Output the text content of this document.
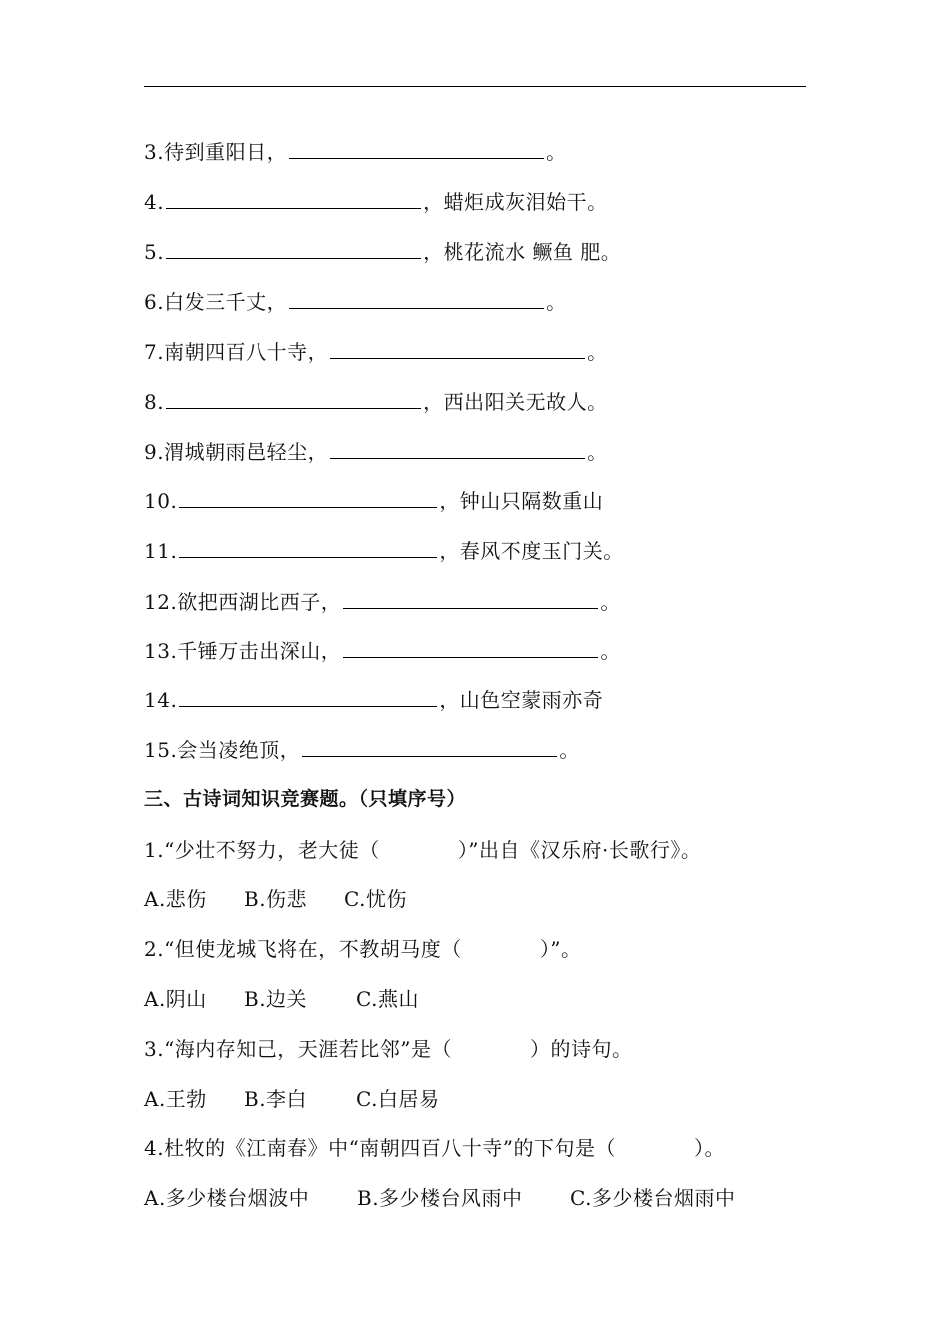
3.待到重阳日，	。
4.	，蜡炬成灰泪始干。
5.	，桃花流水 鳜鱼 肥。
6.白发三千丈，	。
7.南朝四百八十寺，	。
8.	，西出阳关无故人。
9.渭城朝雨邑轻尘，	。
10.	，钟山只隔数重山
11.	，春风不度玉门关。
12.欲把西湖比西子，	。
13.千锤万击出深山，	。
14.	，山色空蒙雨亦奇
15.会当凌绝顶，	。
三、古诗词知识竞赛题。（只填序号）
1.“少壮不努力，老大徒（	）”出自《汉乐府·长歌行》。
A.悲伤 B.伤悲 C.忧伤
2.“但使龙城飞将在，不教胡马度（	）”。
A.阴山 B.边关 C.燕山
3.“海内存知己，天涯若比邻”是（	）的诗句。
A.王勃 B.李白 C.白居易
4.杜牧的《江南春》中“南朝四百八十寺”的下句是（	）。
A.多少楼台烟波中 B.多少楼台风雨中 C.多少楼台烟雨中
